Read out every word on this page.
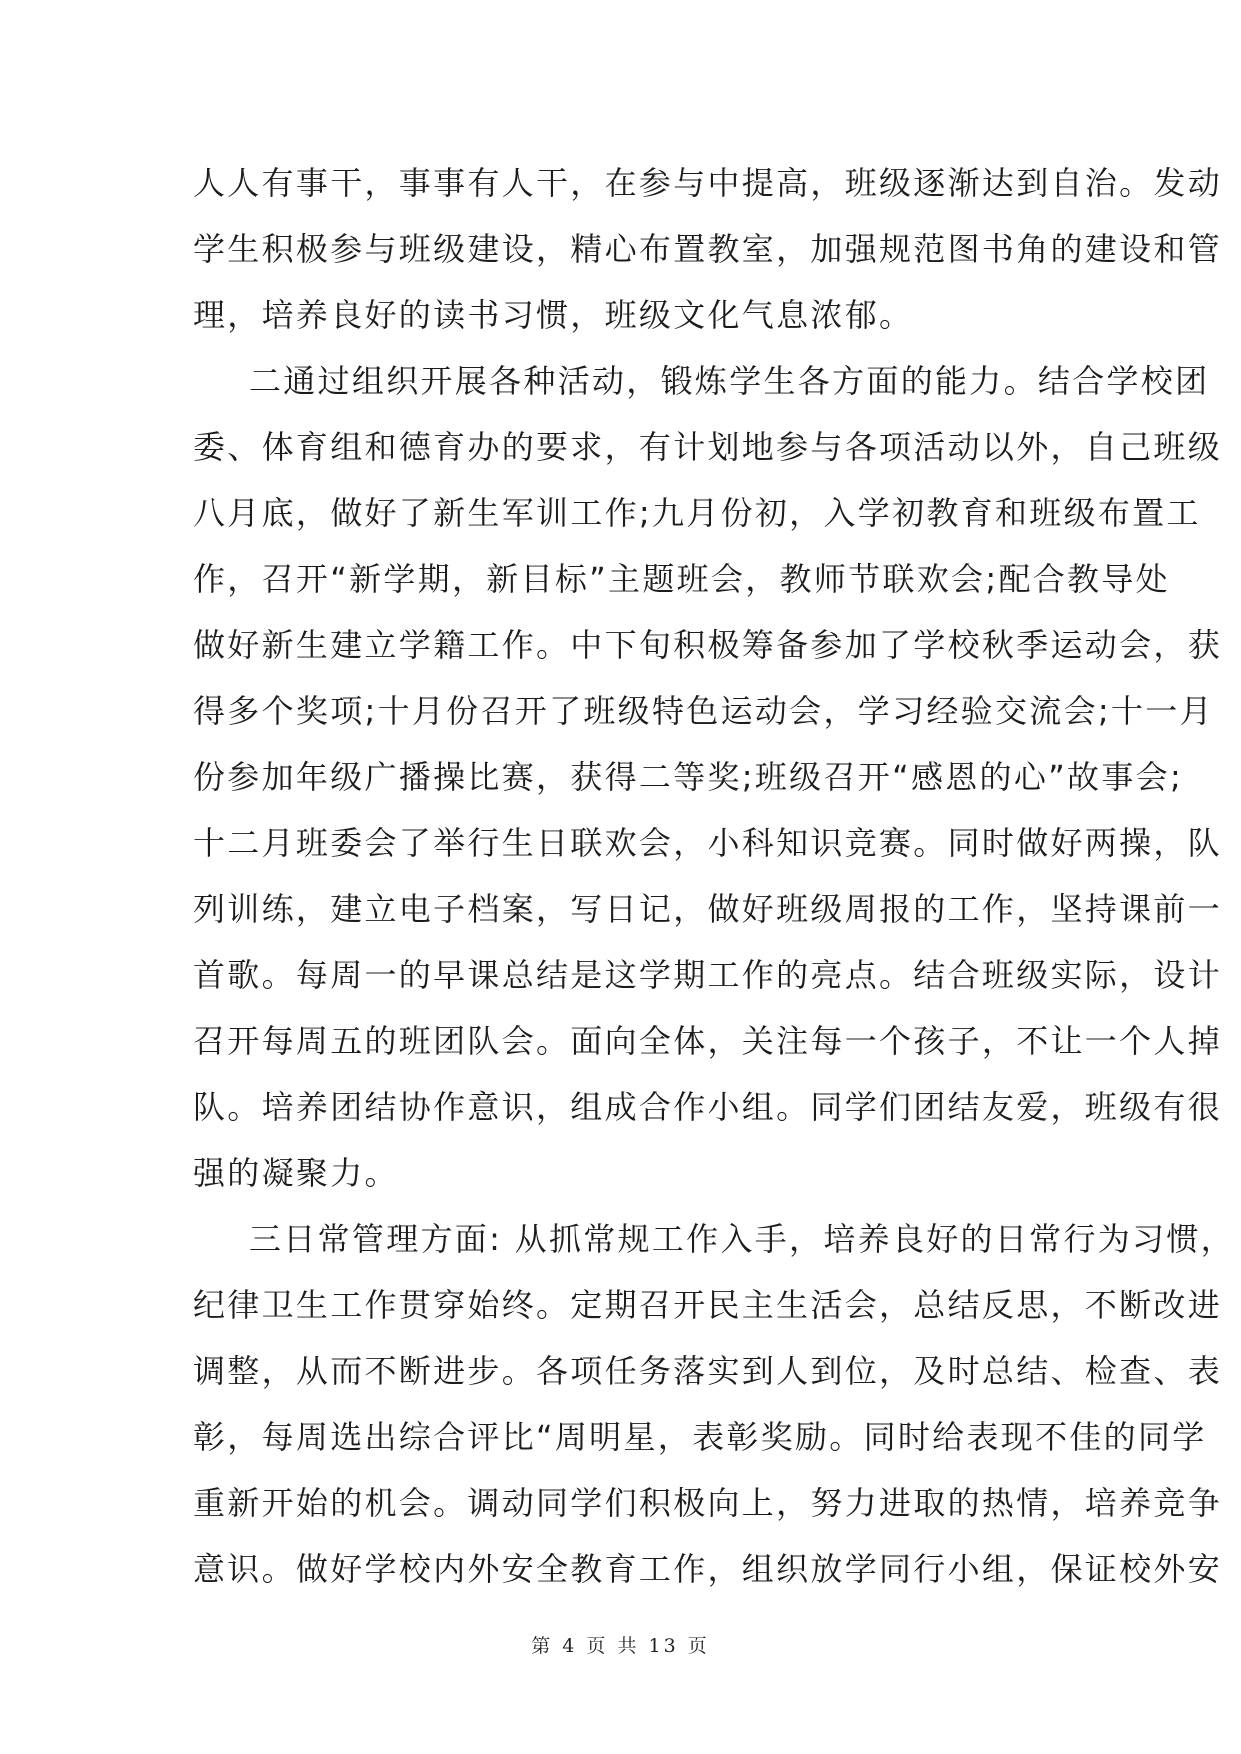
人人有事干，事事有人干，在参与中提高，班级逐渐达到自治。发动
学生积极参与班级建设，精心布置教室，加强规范图书角的建设和管
理，培养良好的读书习惯，班级文化气息浓郁。
二通过组织开展各种活动，锻炼学生各方面的能力。结合学校团
委、体育组和德育办的要求，有计划地参与各项活动以外，自己班级
八月底，做好了新生军训工作;九月份初，入学初教育和班级布置工
作，召开“新学期，新目标”主题班会，教师节联欢会;配合教导处
做好新生建立学籍工作。中下旬积极筹备参加了学校秋季运动会，获
得多个奖项;十月份召开了班级特色运动会，学习经验交流会;十一月
份参加年级广播操比赛，获得二等奖;班级召开“感恩的心”故事会;
十二月班委会了举行生日联欢会，小科知识竞赛。同时做好两操，队
列训练，建立电子档案，写日记，做好班级周报的工作，坚持课前一
首歌。每周一的早课总结是这学期工作的亮点。结合班级实际，设计
召开每周五的班团队会。面向全体，关注每一个孩子，不让一个人掉
队。培养团结协作意识，组成合作小组。同学们团结友爱，班级有很
强的凝聚力。
三日常管理方面: 从抓常规工作入手，培养良好的日常行为习惯，
纪律卫生工作贯穿始终。定期召开民主生活会，总结反思，不断改进
调整，从而不断进步。各项任务落实到人到位，及时总结、检查、表
彰，每周选出综合评比“周明星，表彰奖励。同时给表现不佳的同学
重新开始的机会。调动同学们积极向上，努力进取的热情，培养竞争
意识。做好学校内外安全教育工作，组织放学同行小组，保证校外安
第 4 页 共 13 页
